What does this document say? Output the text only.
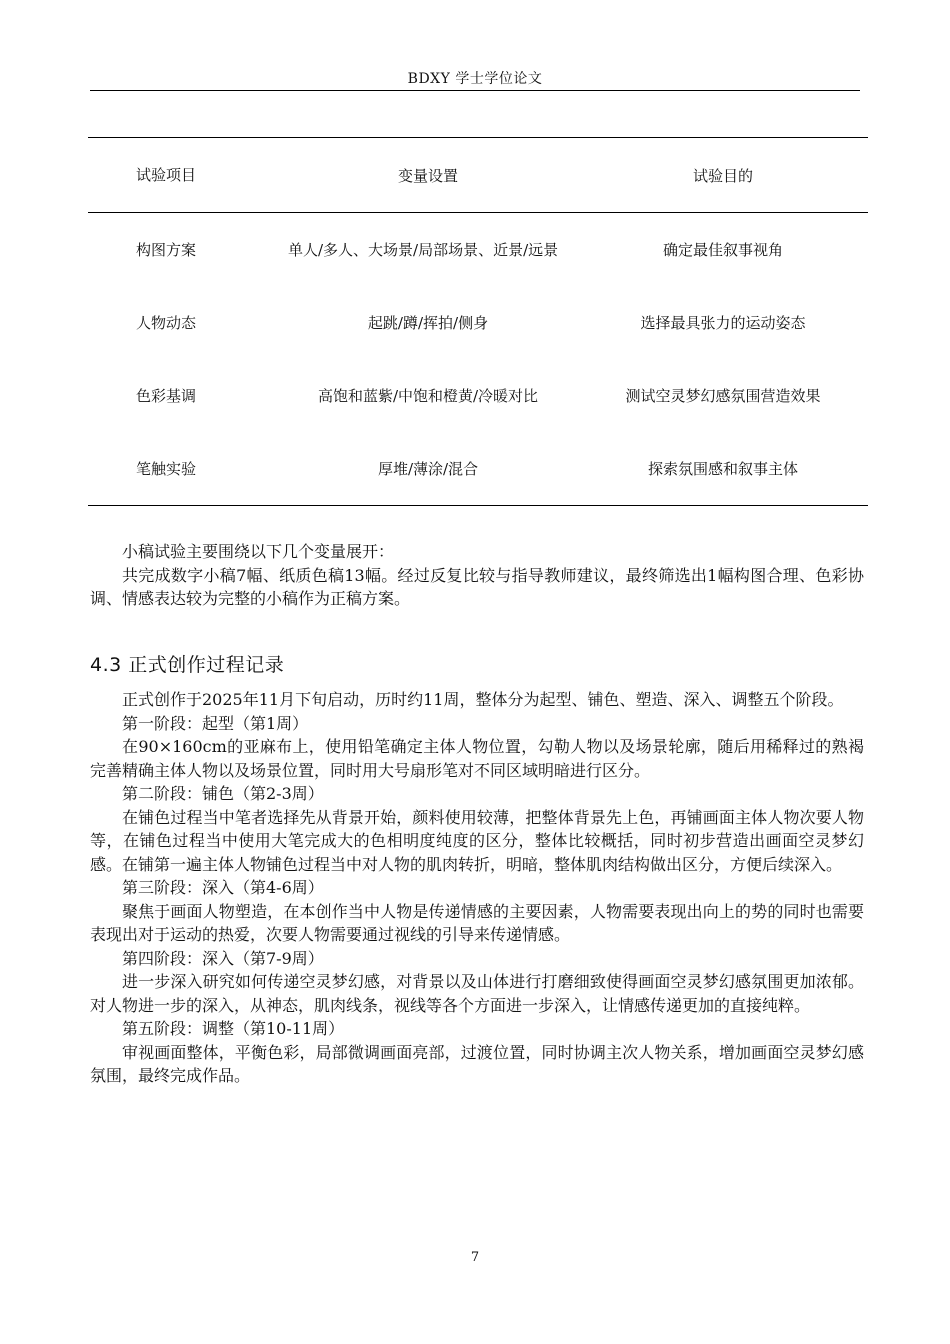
BDXY 学士学位论文
试验项目	变量设置	试验目的
构图方案	单人/多人、大场景/局部场景、近景/远景	确定最佳叙事视角
人物动态	起跳/蹲/挥拍/侧身	选择最具张力的运动姿态
色彩基调	高饱和蓝紫/中饱和橙黄/冷暖对比	测试空灵梦幻感氛围营造效果
笔触实验	厚堆/薄涂/混合	探索氛围感和叙事主体

小稿试验主要围绕以下几个变量展开：

共完成数字小稿7幅、纸质色稿13幅。经过反复比较与指导教师建议，最终筛选出1幅构图合理、色彩协调、情感表达较为完整的小稿作为正稿方案。

4.3 正式创作过程记录

正式创作于2025年11月下旬启动，历时约11周，整体分为起型、铺色、塑造、深入、调整五个阶段。

第一阶段：起型（第1周）

在90×160cm的亚麻布上，使用铅笔确定主体人物位置，勾勒人物以及场景轮廓，随后用稀释过的熟褐完善精确主体人物以及场景位置，同时用大号扇形笔对不同区域明暗进行区分。

第二阶段：铺色（第2-3周）

在铺色过程当中笔者选择先从背景开始，颜料使用较薄，把整体背景先上色，再铺画面主体人物次要人物等，在铺色过程当中使用大笔完成大的色相明度纯度的区分，整体比较概括，同时初步营造出画面空灵梦幻感。在铺第一遍主体人物铺色过程当中对人物的肌肉转折，明暗，整体肌肉结构做出区分，方便后续深入。

第三阶段：深入（第4-6周）

聚焦于画面人物塑造，在本创作当中人物是传递情感的主要因素，人物需要表现出向上的势的同时也需要表现出对于运动的热爱，次要人物需要通过视线的引导来传递情感。

第四阶段：深入（第7-9周）

进一步深入研究如何传递空灵梦幻感，对背景以及山体进行打磨细致使得画面空灵梦幻感氛围更加浓郁。对人物进一步的深入，从神态，肌肉线条，视线等各个方面进一步深入，让情感传递更加的直接纯粹。

第五阶段：调整（第10-11周）

审视画面整体，平衡色彩，局部微调画面亮部，过渡位置，同时协调主次人物关系，增加画面空灵梦幻感氛围，最终完成作品。

7
